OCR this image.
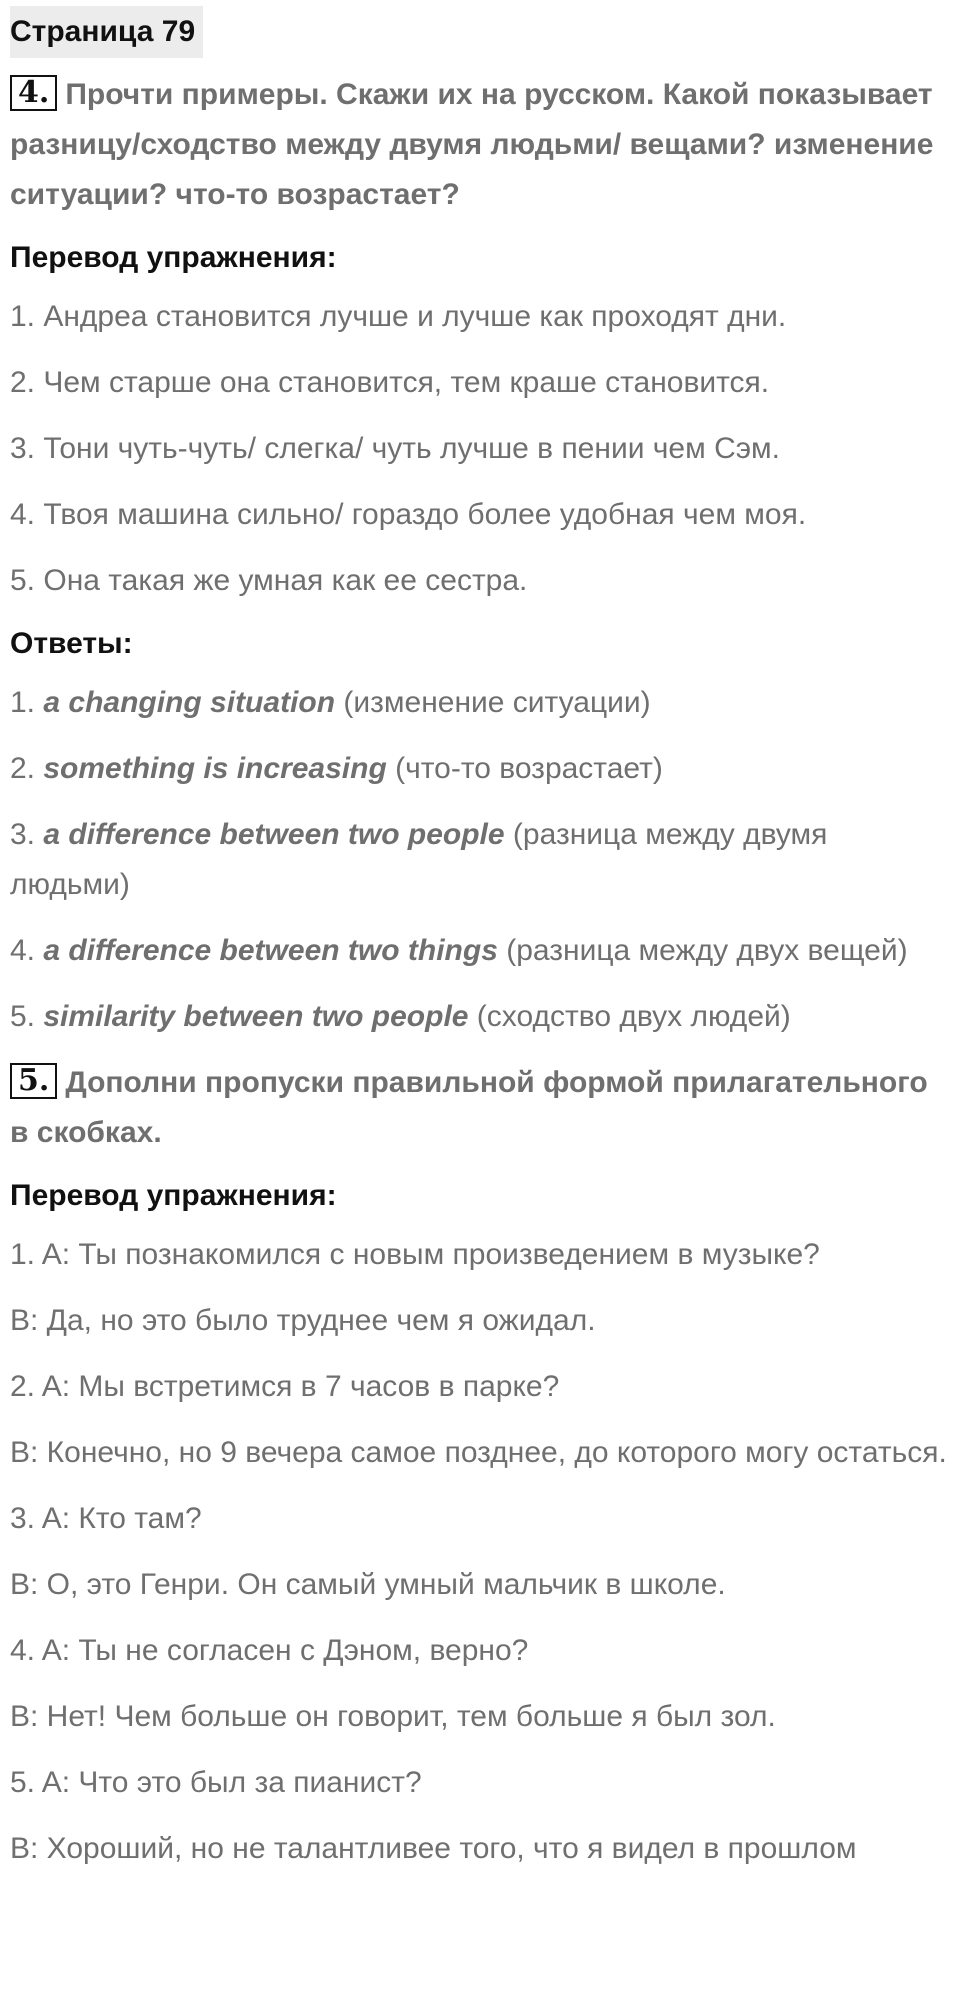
Страница 79
4. Прочти примеры. Скажи их на русском. Какой показывает разницу/сходство между двумя людьми/ вещами? изменение ситуации? что-то возрастает?
Перевод упражнения:
1. Андреа становится лучше и лучше как проходят дни.
2. Чем старше она становится, тем краше становится.
3. Тони чуть-чуть/ слегка/ чуть лучше в пении чем Сэм.
4. Твоя машина сильно/ гораздо более удобная чем моя.
5. Она такая же умная как ее сестра.
Ответы:
1. a changing situation (изменение ситуации)
2. something is increasing (что-то возрастает)
3. a difference between two people (разница между двумя людьми)
4. a difference between two things (разница между двух вещей)
5. similarity between two people (сходство двух людей)
5. Дополни пропуски правильной формой прилагательного в скобках.
Перевод упражнения:
1. A: Ты познакомился с новым произведением в музыке?
B: Да, но это было труднее чем я ожидал.
2. A: Мы встретимся в 7 часов в парке?
B: Конечно, но 9 вечера самое позднее, до которого могу остаться.
3. A: Кто там?
B: О, это Генри. Он самый умный мальчик в школе.
4. A: Ты не согласен с Дэном, верно?
B: Нет! Чем больше он говорит, тем больше я был зол.
5. A: Что это был за пианист?
B: Хороший, но не талантливее того, что я видел в прошлом
